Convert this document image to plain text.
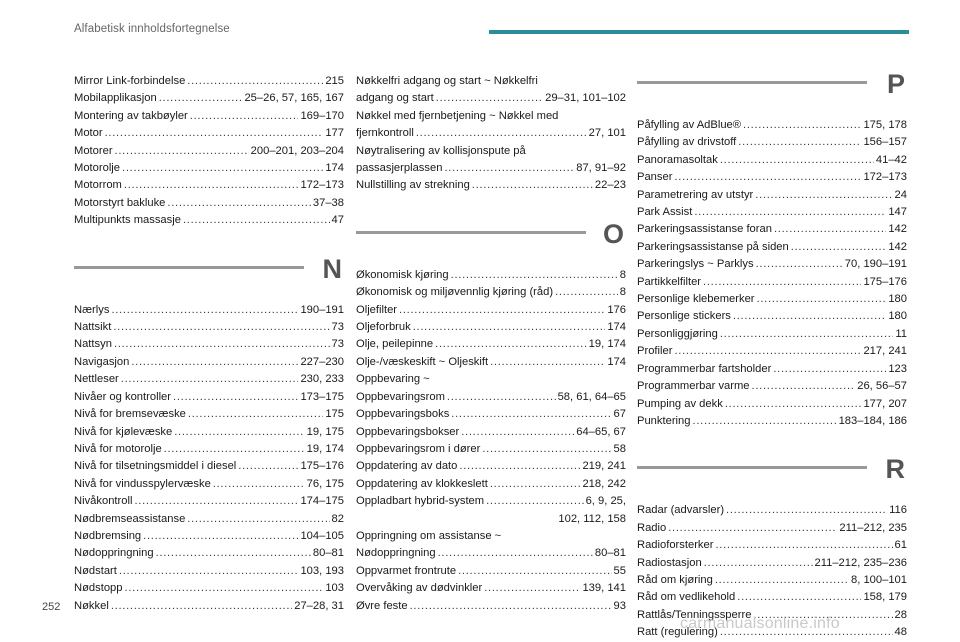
Alfabetisk innholdsfortegnelse
Mirror Link-forbindelse . . .	215
Mobilapplikasjon . . .	25–26, 57, 165, 167
Montering av takbøyler . . .	169–170
Motor . . .	177
Motorer . . .	200–201, 203–204
Motorolje . . .	174
Motorrom . . .	172–173
Motorstyrt bakluke . . .	37–38
Multipunkts massasje . . .	47
N
Nærlys . . .	190–191
Nattsikt . . .	73
Nattsyn . . .	73
Navigasjon . . .	227–230
Nettleser . . .	230, 233
Nivåer og kontroller . . .	173–175
Nivå for bremsevæske . . .	175
Nivå for kjølevæske . . .	19, 175
Nivå for motorolje . . .	19, 174
Nivå for tilsetningsmiddel i diesel . . .	175–176
Nivå for vindusspylervæske . . .	76, 175
Nivåkontroll . . .	174–175
Nødbremseassistanse . . .	82
Nødbremsing . . .	104–105
Nødoppringning . . .	80–81
Nødstart . . .	103, 193
Nødstopp . . .	103
Nøkkel . . .	27–28, 31
Nøkkelfri adgang og start ~ Nøkkelfri
adgang og start . . .	29–31, 101–102
Nøkkel med fjernbetjening ~ Nøkkel med
fjernkontroll . . .	27, 101
Nøytralisering av kollisjonspute på
passasjerplassen . . .	87, 91–92
Nullstilling av strekning . . .	22–23
O
Økonomisk kjøring . . .	8
Økonomisk og miljøvennlig kjøring (råd) . . .	8
Oljefilter . . .	176
Oljeforbruk . . .	174
Olje, peilepinne . . .	19, 174
Olje-/væskeskift ~ Oljeskift . . .	174
Oppbevaring ~
Oppbevaringsrom . . .	58, 61, 64–65
Oppbevaringsboks . . .	67
Oppbevaringsbokser . . .	64–65, 67
Oppbevaringsrom i dører . . .	58
Oppdatering av dato . . .	219, 241
Oppdatering av klokkeslett . . .	218, 242
Oppladbart hybrid-system . . .	6, 9, 25,
102, 112, 158
Oppringning om assistanse ~
Nødoppringning . . .	80–81
Oppvarmet frontrute . . .	55
Overvåking av dødvinkler . . .	139, 141
Øvre feste . . .	93
P
Påfylling av AdBlue® . . .	175, 178
Påfylling av drivstoff . . .	156–157
Panoramasoltak . . .	41–42
Panser . . .	172–173
Parametrering av utstyr . . .	24
Park Assist . . .	147
Parkeringsassistanse foran . . .	142
Parkeringsassistanse på siden . . .	142
Parkeringslys ~ Parklys . . .	70, 190–191
Partikkelfilter . . .	175–176
Personlige klebemerker . . .	180
Personlige stickers . . .	180
Personliggjøring . . .	11
Profiler . . .	217, 241
Programmerbar fartsholder . . .	123
Programmerbar varme . . .	26, 56–57
Pumping av dekk . . .	177, 207
Punktering . . .	183–184, 186
R
Radar (advarsler) . . .	116
Radio . . .	211–212, 235
Radioforsterker . . .	61
Radiostasjon . . .	211–212, 235–236
Råd om kjøring . . .	8, 100–101
Råd om vedlikehold . . .	158, 179
Rattlås/Tenningssperre . . .	28
Ratt (regulering) . . .	48
252
carmanualsonline.info
